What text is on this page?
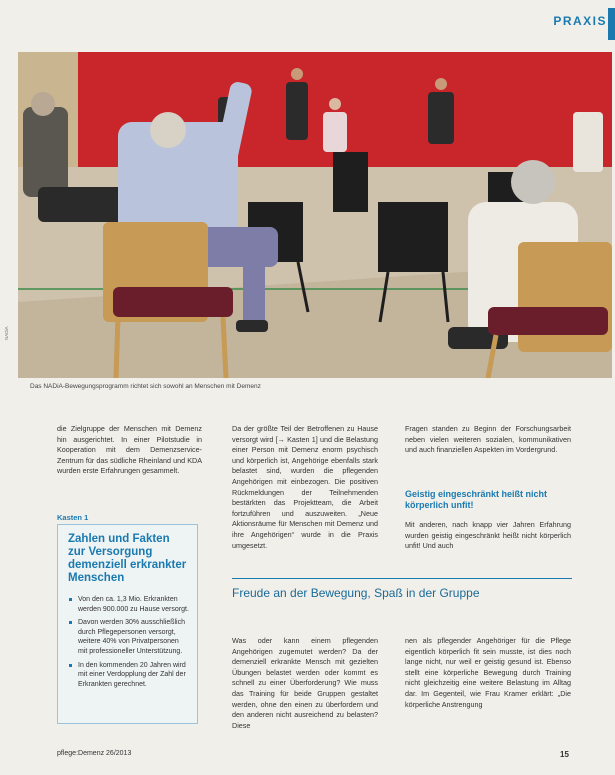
PRAXIS
Das NADiA-Bewegungsprogramm richtet sich sowohl an Menschen mit Demenz

die Zielgruppe der Menschen mit Demenz hin ausgerichtet. In einer Pilotstudie in Kooperation mit dem Demenzservice-Zentrum für das südliche Rheinland und KDA wurden erste Erfahrungen gesammelt.

Kasten 1
Zahlen und Fakten zur Versorgung demenziell erkrankter Menschen
Von den ca. 1,3 Mio. Erkrankten werden 900.000 zu Hause versorgt.
Davon werden 30% ausschließlich durch Pflegepersonen versorgt, weitere 40% von Privatpersonen mit professioneller Unterstützung.
In den kommenden 20 Jahren wird mit einer Verdopplung der Zahl der Erkrankten gerechnet.

Da der größte Teil der Betroffenen zu Hause versorgt wird [→ Kasten 1] und die Belastung einer Person mit Demenz enorm psychisch und körperlich ist, Angehörige ebenfalls stark belastet sind, wurden die pflegenden Angehörigen mit einbezogen. Die positiven Rückmeldungen der Teilnehmenden bestärkten das Projektteam, die Arbeit fortzuführen und auszuweiten. „Neue Aktionsräume für Menschen mit Demenz und ihre Angehörigen“ wurde in die Praxis umgesetzt.

Fragen standen zu Beginn der Forschungsarbeit neben vielen weiteren sozialen, kommunikativen und auch finanziellen Aspekten im Vordergrund.

Geistig eingeschränkt heißt nicht körperlich unfit!

Mit anderen, nach knapp vier Jahren Erfahrung wurden geistig eingeschränkt heißt nicht körperlich unfit! Und auch

Freude an der Bewegung, Spaß in der Gruppe

Was oder kann einem pflegenden Angehörigen zugemutet werden? Da der demenziell erkrankte Mensch mit gezielten Übungen belastet werden oder kommt es schnell zu einer Überforderung? Wie muss das Training für beide Gruppen gestaltet werden, ohne den einen zu überfordern und den anderen nicht ausreichend zu belasten? Diese

nen als pflegender Angehöriger für die Pflege eigentlich körperlich fit sein musste, ist dies noch lange nicht, nur weil er geistig gesund ist. Ebenso stellt eine körperliche Bewegung durch Training nicht gleichzeitig eine weitere Belastung im Alltag dar. Im Gegenteil, wie Frau Kramer erklärt: „Die körperliche Anstrengung

pflege:Demenz 26/2013	15
NADiA
